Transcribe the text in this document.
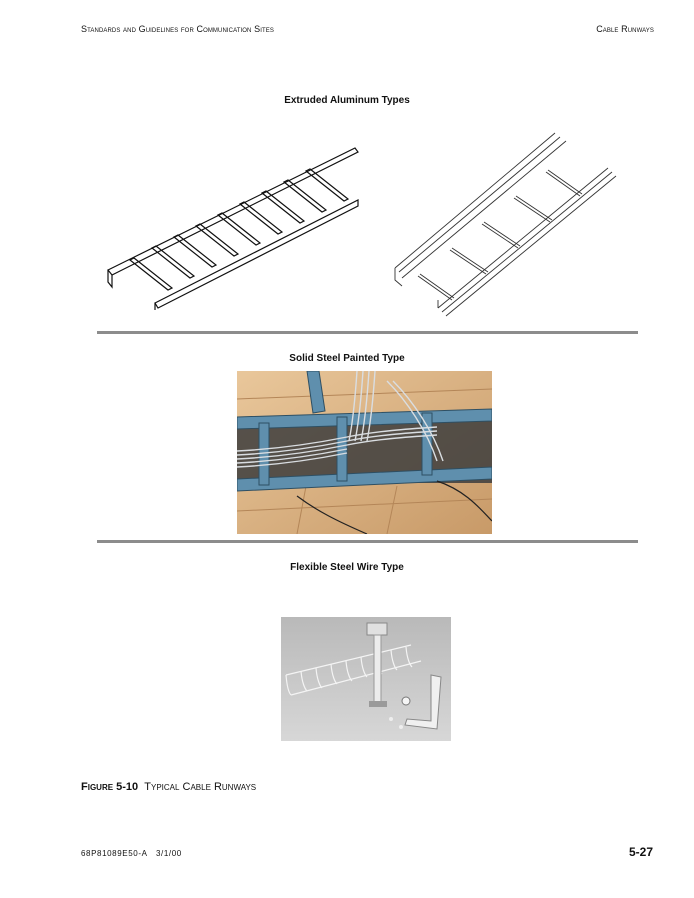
Standards and Guidelines for Communication Sites	Cable Runways
Extruded Aluminum Types
Solid Steel Painted Type
Flexible Steel Wire Type
Figure 5-10 Typical Cable Runways
68P81089E50-A 3/1/00	5-27
